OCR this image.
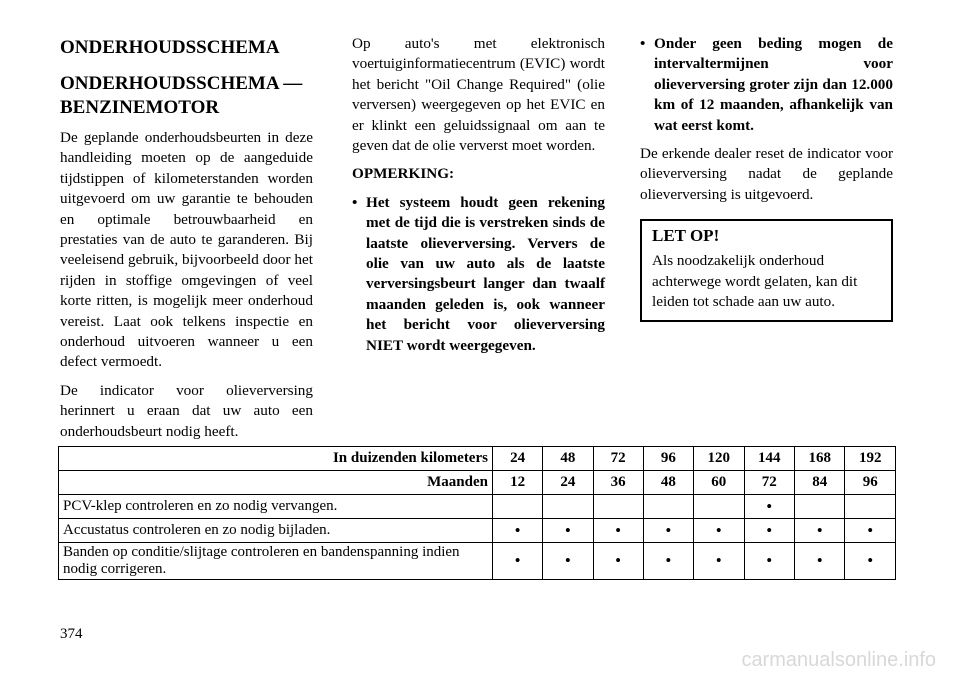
ONDERHOUDSSCHEMA
ONDERHOUDSSCHEMA — BENZINEMOTOR

De geplande onderhoudsbeurten in deze handleiding moeten op de aangeduide tijdstippen of kilometerstanden worden uitgevoerd om uw garantie te behouden en optimale betrouwbaarheid en prestaties van de auto te garanderen. Bij veeleisend gebruik, bijvoorbeeld door het rijden in stoffige omgevingen of veel korte ritten, is mogelijk meer onderhoud vereist. Laat ook telkens inspectie en onderhoud uitvoeren wanneer u een defect vermoedt.

De indicator voor olieverversing herinnert u eraan dat uw auto een onderhoudsbeurt nodig heeft.

Op auto's met elektronisch voertuiginformatiecentrum (EVIC) wordt het bericht "Oil Change Required" (olie verversen) weergegeven op het EVIC en er klinkt een geluidssignaal om aan te geven dat de olie ververst moet worden.

OPMERKING:

• Het systeem houdt geen rekening met de tijd die is verstreken sinds de laatste olieverversing. Ververs de olie van uw auto als de laatste verversingsbeurt langer dan twaalf maanden geleden is, ook wanneer het bericht voor olieverversing NIET wordt weergegeven.
• Onder geen beding mogen de intervaltermijnen voor olieverversing groter zijn dan 12.000 km of 12 maanden, afhankelijk van wat eerst komt.

De erkende dealer reset de indicator voor olieverversing nadat de geplande olieverversing is uitgevoerd.

LET OP!

Als noodzakelijk onderhoud achterwege wordt gelaten, kan dit leiden tot schade aan uw auto.

In duizenden kilometers	24	48	72	96	120	144	168	192
Maanden	12	24	36	48	60	72	84	96
PCV-klep controleren en zo nodig vervangen.						•		
Accustatus controleren en zo nodig bijladen.	•	•	•	•	•	•	•	•
Banden op conditie/slijtage controleren en bandenspanning indien nodig corrigeren.	•	•	•	•	•	•	•	•
374
carmanualsonline.info
